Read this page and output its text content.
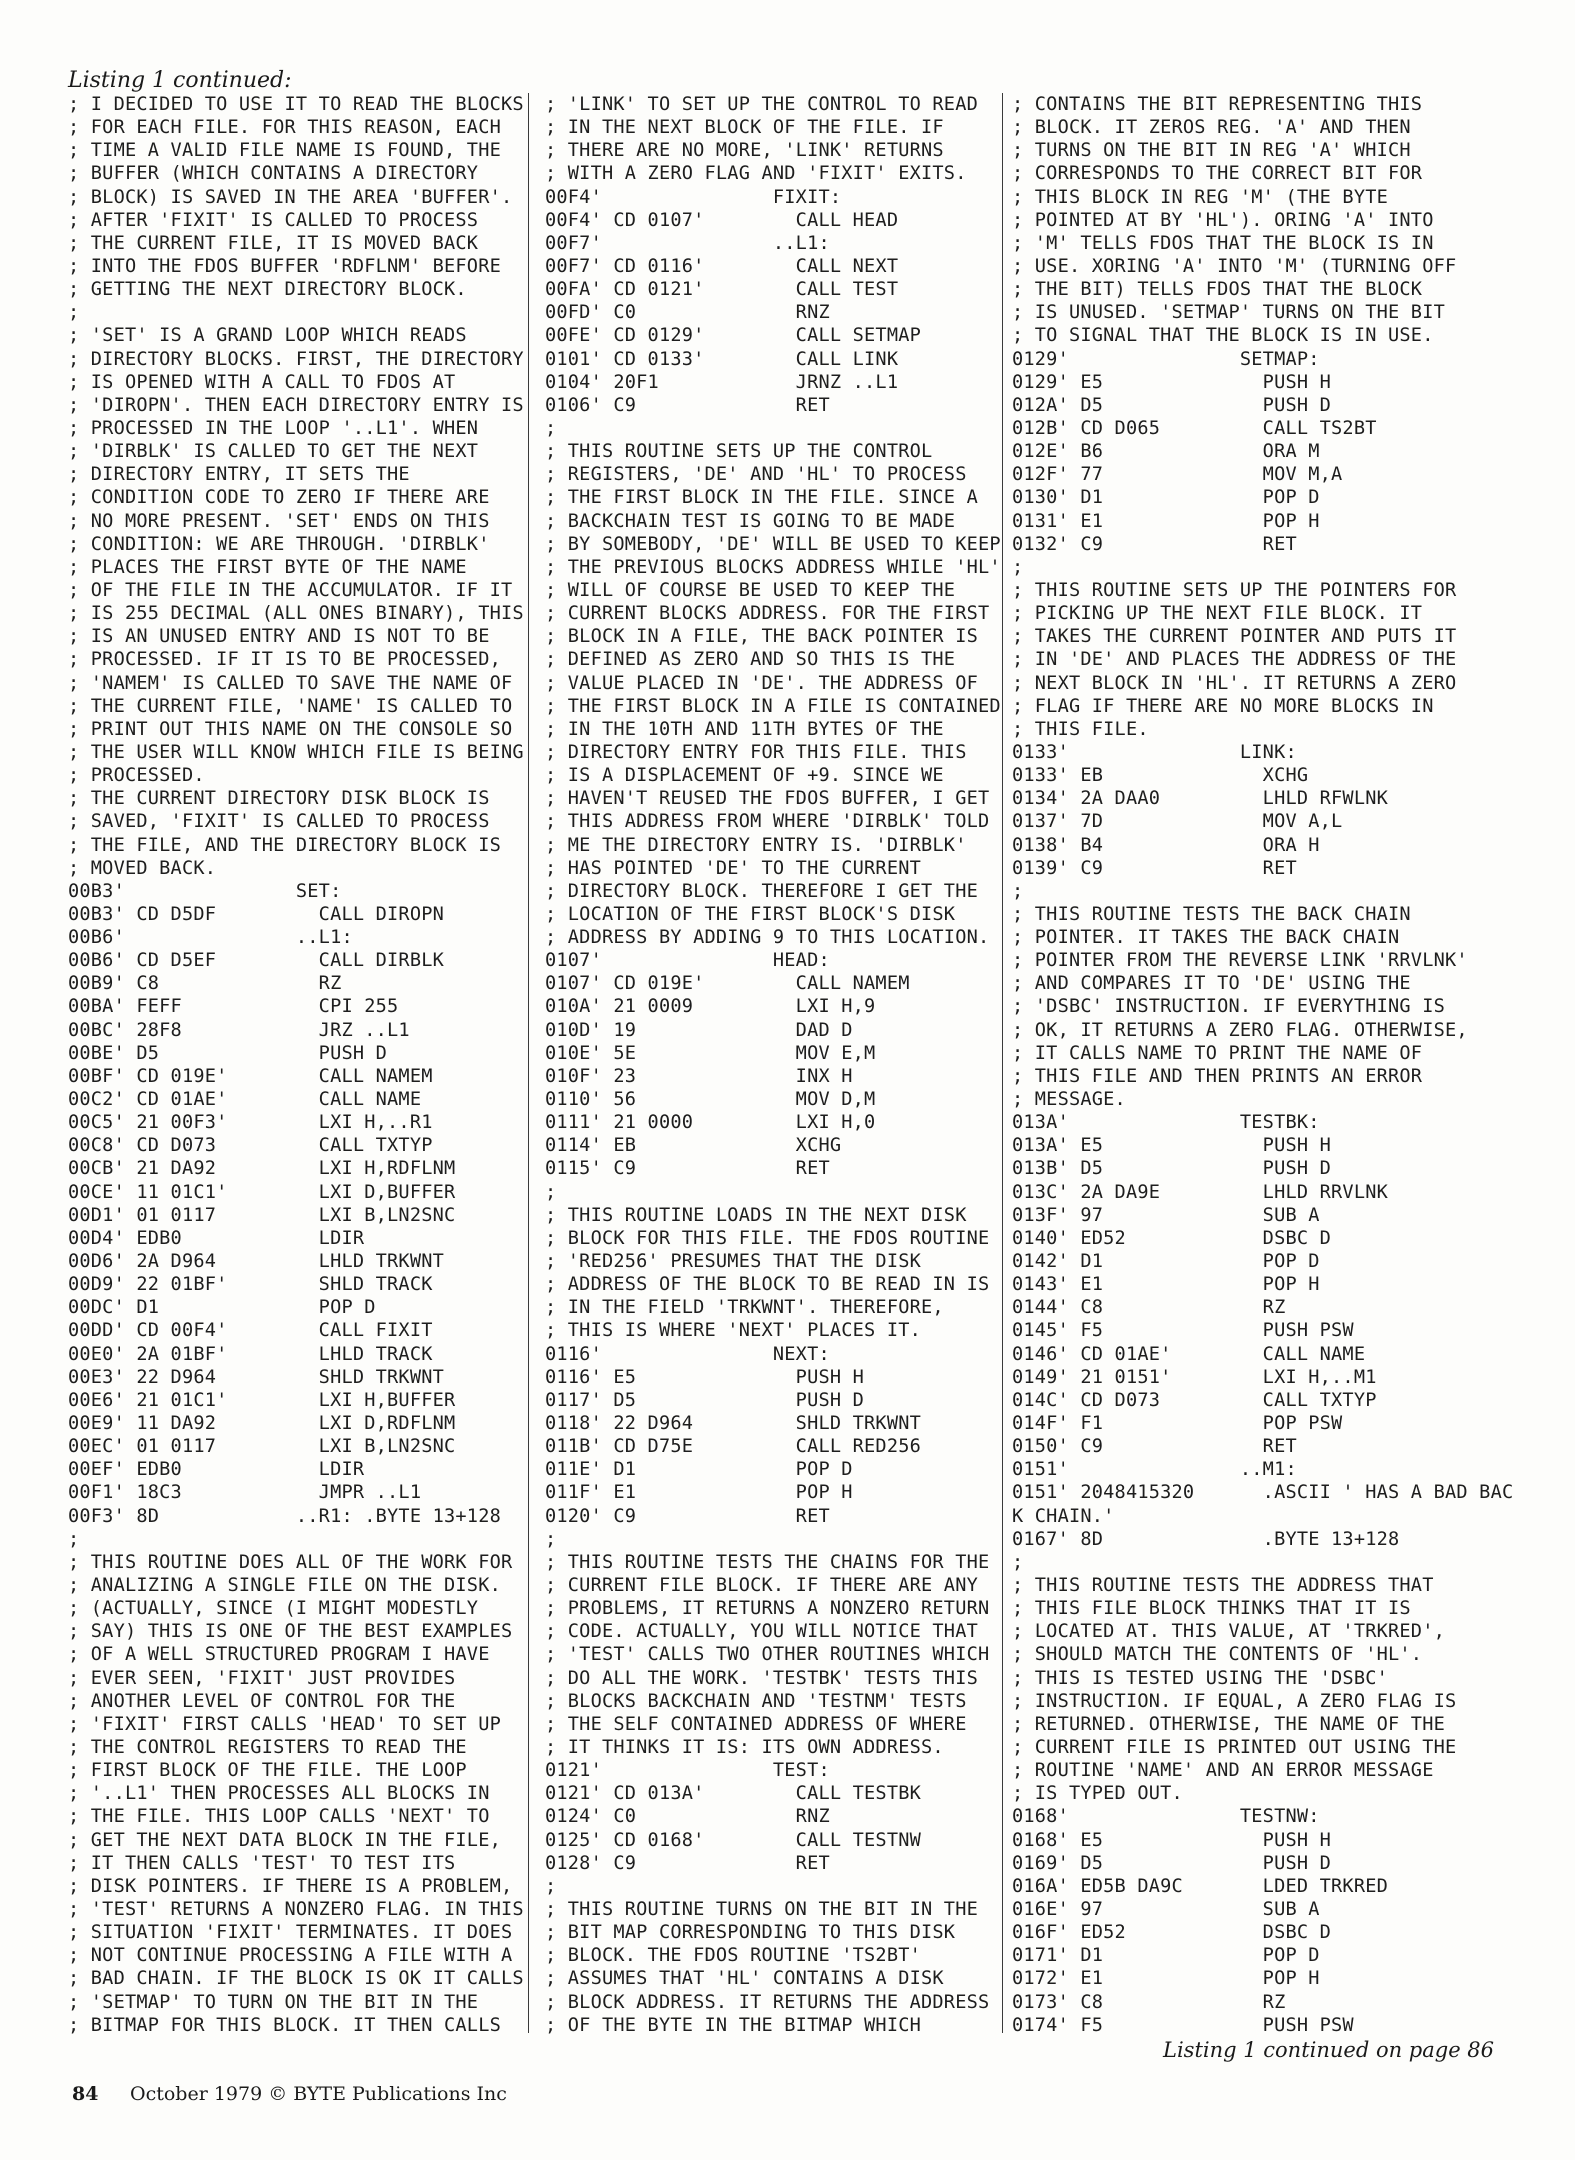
Listing 1 continued:
; I DECIDED TO USE IT TO READ THE BLOCKS
; FOR EACH FILE. FOR THIS REASON, EACH
; TIME A VALID FILE NAME IS FOUND, THE
; BUFFER (WHICH CONTAINS A DIRECTORY
; BLOCK) IS SAVED IN THE AREA 'BUFFER'.
; AFTER 'FIXIT' IS CALLED TO PROCESS
; THE CURRENT FILE, IT IS MOVED BACK
; INTO THE FDOS BUFFER 'RDFLNM' BEFORE
; GETTING THE NEXT DIRECTORY BLOCK.
;
; 'SET' IS A GRAND LOOP WHICH READS
; DIRECTORY BLOCKS. FIRST, THE DIRECTORY
; IS OPENED WITH A CALL TO FDOS AT
; 'DIROPN'. THEN EACH DIRECTORY ENTRY IS
; PROCESSED IN THE LOOP '..L1'. WHEN
; 'DIRBLK' IS CALLED TO GET THE NEXT
; DIRECTORY ENTRY, IT SETS THE
; CONDITION CODE TO ZERO IF THERE ARE
; NO MORE PRESENT. 'SET' ENDS ON THIS
; CONDITION: WE ARE THROUGH. 'DIRBLK'
; PLACES THE FIRST BYTE OF THE NAME
; OF THE FILE IN THE ACCUMULATOR. IF IT
; IS 255 DECIMAL (ALL ONES BINARY), THIS
; IS AN UNUSED ENTRY AND IS NOT TO BE
; PROCESSED. IF IT IS TO BE PROCESSED,
; 'NAMEM' IS CALLED TO SAVE THE NAME OF
; THE CURRENT FILE, 'NAME' IS CALLED TO
; PRINT OUT THIS NAME ON THE CONSOLE SO
; THE USER WILL KNOW WHICH FILE IS BEING
; PROCESSED.
; THE CURRENT DIRECTORY DISK BLOCK IS
; SAVED, 'FIXIT' IS CALLED TO PROCESS
; THE FILE, AND THE DIRECTORY BLOCK IS
; MOVED BACK.
00B3'               SET:
00B3' CD D5DF         CALL DIROPN
00B6'               ..L1:
00B6' CD D5EF         CALL DIRBLK
00B9' C8              RZ
00BA' FEFF            CPI 255
00BC' 28F8            JRZ ..L1
00BE' D5              PUSH D
00BF' CD 019E'        CALL NAMEM
00C2' CD 01AE'        CALL NAME
00C5' 21 00F3'        LXI H,..R1
00C8' CD D073         CALL TXTYP
00CB' 21 DA92         LXI H,RDFLNM
00CE' 11 01C1'        LXI D,BUFFER
00D1' 01 0117         LXI B,LN2SNC
00D4' EDB0            LDIR
00D6' 2A D964         LHLD TRKWNT
00D9' 22 01BF'        SHLD TRACK
00DC' D1              POP D
00DD' CD 00F4'        CALL FIXIT
00E0' 2A 01BF'        LHLD TRACK
00E3' 22 D964         SHLD TRKWNT
00E6' 21 01C1'        LXI H,BUFFER
00E9' 11 DA92         LXI D,RDFLNM
00EC' 01 0117         LXI B,LN2SNC
00EF' EDB0            LDIR
00F1' 18C3            JMPR ..L1
00F3' 8D            ..R1: .BYTE 13+128
;
; THIS ROUTINE DOES ALL OF THE WORK FOR
; ANALIZING A SINGLE FILE ON THE DISK.
; (ACTUALLY, SINCE (I MIGHT MODESTLY
; SAY) THIS IS ONE OF THE BEST EXAMPLES
; OF A WELL STRUCTURED PROGRAM I HAVE
; EVER SEEN, 'FIXIT' JUST PROVIDES
; ANOTHER LEVEL OF CONTROL FOR THE
; 'FIXIT' FIRST CALLS 'HEAD' TO SET UP
; THE CONTROL REGISTERS TO READ THE
; FIRST BLOCK OF THE FILE. THE LOOP
; '..L1' THEN PROCESSES ALL BLOCKS IN
; THE FILE. THIS LOOP CALLS 'NEXT' TO
; GET THE NEXT DATA BLOCK IN THE FILE,
; IT THEN CALLS 'TEST' TO TEST ITS
; DISK POINTERS. IF THERE IS A PROBLEM,
; 'TEST' RETURNS A NONZERO FLAG. IN THIS
; SITUATION 'FIXIT' TERMINATES. IT DOES
; NOT CONTINUE PROCESSING A FILE WITH A
; BAD CHAIN. IF THE BLOCK IS OK IT CALLS
; 'SETMAP' TO TURN ON THE BIT IN THE
; BITMAP FOR THIS BLOCK. IT THEN CALLS
; 'LINK' TO SET UP THE CONTROL TO READ
; IN THE NEXT BLOCK OF THE FILE. IF
; THERE ARE NO MORE, 'LINK' RETURNS
; WITH A ZERO FLAG AND 'FIXIT' EXITS.
00F4'               FIXIT:
00F4' CD 0107'        CALL HEAD
00F7'               ..L1:
00F7' CD 0116'        CALL NEXT
00FA' CD 0121'        CALL TEST
00FD' C0              RNZ
00FE' CD 0129'        CALL SETMAP
0101' CD 0133'        CALL LINK
0104' 20F1            JRNZ ..L1
0106' C9              RET
;
; THIS ROUTINE SETS UP THE CONTROL
; REGISTERS, 'DE' AND 'HL' TO PROCESS
; THE FIRST BLOCK IN THE FILE. SINCE A
; BACKCHAIN TEST IS GOING TO BE MADE
; BY SOMEBODY, 'DE' WILL BE USED TO KEEP
; THE PREVIOUS BLOCKS ADDRESS WHILE 'HL'
; WILL OF COURSE BE USED TO KEEP THE
; CURRENT BLOCKS ADDRESS. FOR THE FIRST
; BLOCK IN A FILE, THE BACK POINTER IS
; DEFINED AS ZERO AND SO THIS IS THE
; VALUE PLACED IN 'DE'. THE ADDRESS OF
; THE FIRST BLOCK IN A FILE IS CONTAINED
; IN THE 10TH AND 11TH BYTES OF THE
; DIRECTORY ENTRY FOR THIS FILE. THIS
; IS A DISPLACEMENT OF +9. SINCE WE
; HAVEN'T REUSED THE FDOS BUFFER, I GET
; THIS ADDRESS FROM WHERE 'DIRBLK' TOLD
; ME THE DIRECTORY ENTRY IS. 'DIRBLK'
; HAS POINTED 'DE' TO THE CURRENT
; DIRECTORY BLOCK. THEREFORE I GET THE
; LOCATION OF THE FIRST BLOCK'S DISK
; ADDRESS BY ADDING 9 TO THIS LOCATION.
0107'               HEAD:
0107' CD 019E'        CALL NAMEM
010A' 21 0009         LXI H,9
010D' 19              DAD D
010E' 5E              MOV E,M
010F' 23              INX H
0110' 56              MOV D,M
0111' 21 0000         LXI H,0
0114' EB              XCHG
0115' C9              RET
;
; THIS ROUTINE LOADS IN THE NEXT DISK
; BLOCK FOR THIS FILE. THE FDOS ROUTINE
; 'RED256' PRESUMES THAT THE DISK
; ADDRESS OF THE BLOCK TO BE READ IN IS
; IN THE FIELD 'TRKWNT'. THEREFORE,
; THIS IS WHERE 'NEXT' PLACES IT.
0116'               NEXT:
0116' E5              PUSH H
0117' D5              PUSH D
0118' 22 D964         SHLD TRKWNT
011B' CD D75E         CALL RED256
011E' D1              POP D
011F' E1              POP H
0120' C9              RET
;
; THIS ROUTINE TESTS THE CHAINS FOR THE
; CURRENT FILE BLOCK. IF THERE ARE ANY
; PROBLEMS, IT RETURNS A NONZERO RETURN
; CODE. ACTUALLY, YOU WILL NOTICE THAT
; 'TEST' CALLS TWO OTHER ROUTINES WHICH
; DO ALL THE WORK. 'TESTBK' TESTS THIS
; BLOCKS BACKCHAIN AND 'TESTNM' TESTS
; THE SELF CONTAINED ADDRESS OF WHERE
; IT THINKS IT IS: ITS OWN ADDRESS.
0121'               TEST:
0121' CD 013A'        CALL TESTBK
0124' C0              RNZ
0125' CD 0168'        CALL TESTNW
0128' C9              RET
;
; THIS ROUTINE TURNS ON THE BIT IN THE
; BIT MAP CORRESPONDING TO THIS DISK
; BLOCK. THE FDOS ROUTINE 'TS2BT'
; ASSUMES THAT 'HL' CONTAINS A DISK
; BLOCK ADDRESS. IT RETURNS THE ADDRESS
; OF THE BYTE IN THE BITMAP WHICH
; CONTAINS THE BIT REPRESENTING THIS
; BLOCK. IT ZEROS REG. 'A' AND THEN
; TURNS ON THE BIT IN REG 'A' WHICH
; CORRESPONDS TO THE CORRECT BIT FOR
; THIS BLOCK IN REG 'M' (THE BYTE
; POINTED AT BY 'HL'). ORING 'A' INTO
; 'M' TELLS FDOS THAT THE BLOCK IS IN
; USE. XORING 'A' INTO 'M' (TURNING OFF
; THE BIT) TELLS FDOS THAT THE BLOCK
; IS UNUSED. 'SETMAP' TURNS ON THE BIT
; TO SIGNAL THAT THE BLOCK IS IN USE.
0129'               SETMAP:
0129' E5              PUSH H
012A' D5              PUSH D
012B' CD D065         CALL TS2BT
012E' B6              ORA M
012F' 77              MOV M,A
0130' D1              POP D
0131' E1              POP H
0132' C9              RET
;
; THIS ROUTINE SETS UP THE POINTERS FOR
; PICKING UP THE NEXT FILE BLOCK. IT
; TAKES THE CURRENT POINTER AND PUTS IT
; IN 'DE' AND PLACES THE ADDRESS OF THE
; NEXT BLOCK IN 'HL'. IT RETURNS A ZERO
; FLAG IF THERE ARE NO MORE BLOCKS IN
; THIS FILE.
0133'               LINK:
0133' EB              XCHG
0134' 2A DAA0         LHLD RFWLNK
0137' 7D              MOV A,L
0138' B4              ORA H
0139' C9              RET
;
; THIS ROUTINE TESTS THE BACK CHAIN
; POINTER. IT TAKES THE BACK CHAIN
; POINTER FROM THE REVERSE LINK 'RRVLNK'
; AND COMPARES IT TO 'DE' USING THE
; 'DSBC' INSTRUCTION. IF EVERYTHING IS
; OK, IT RETURNS A ZERO FLAG. OTHERWISE,
; IT CALLS NAME TO PRINT THE NAME OF
; THIS FILE AND THEN PRINTS AN ERROR
; MESSAGE.
013A'               TESTBK:
013A' E5              PUSH H
013B' D5              PUSH D
013C' 2A DA9E         LHLD RRVLNK
013F' 97              SUB A
0140' ED52            DSBC D
0142' D1              POP D
0143' E1              POP H
0144' C8              RZ
0145' F5              PUSH PSW
0146' CD 01AE'        CALL NAME
0149' 21 0151'        LXI H,..M1
014C' CD D073         CALL TXTYP
014F' F1              POP PSW
0150' C9              RET
0151'               ..M1:
0151' 2048415320      .ASCII ' HAS A BAD BAC
K CHAIN.'
0167' 8D              .BYTE 13+128
;
; THIS ROUTINE TESTS THE ADDRESS THAT
; THIS FILE BLOCK THINKS THAT IT IS
; LOCATED AT. THIS VALUE, AT 'TRKRED',
; SHOULD MATCH THE CONTENTS OF 'HL'.
; THIS IS TESTED USING THE 'DSBC'
; INSTRUCTION. IF EQUAL, A ZERO FLAG IS
; RETURNED. OTHERWISE, THE NAME OF THE
; CURRENT FILE IS PRINTED OUT USING THE
; ROUTINE 'NAME' AND AN ERROR MESSAGE
; IS TYPED OUT.
0168'               TESTNW:
0168' E5              PUSH H
0169' D5              PUSH D
016A' ED5B DA9C       LDED TRKRED
016E' 97              SUB A
016F' ED52            DSBC D
0171' D1              POP D
0172' E1              POP H
0173' C8              RZ
0174' F5              PUSH PSW
Listing 1 continued on page 86
84 October 1979 © BYTE Publications Inc
